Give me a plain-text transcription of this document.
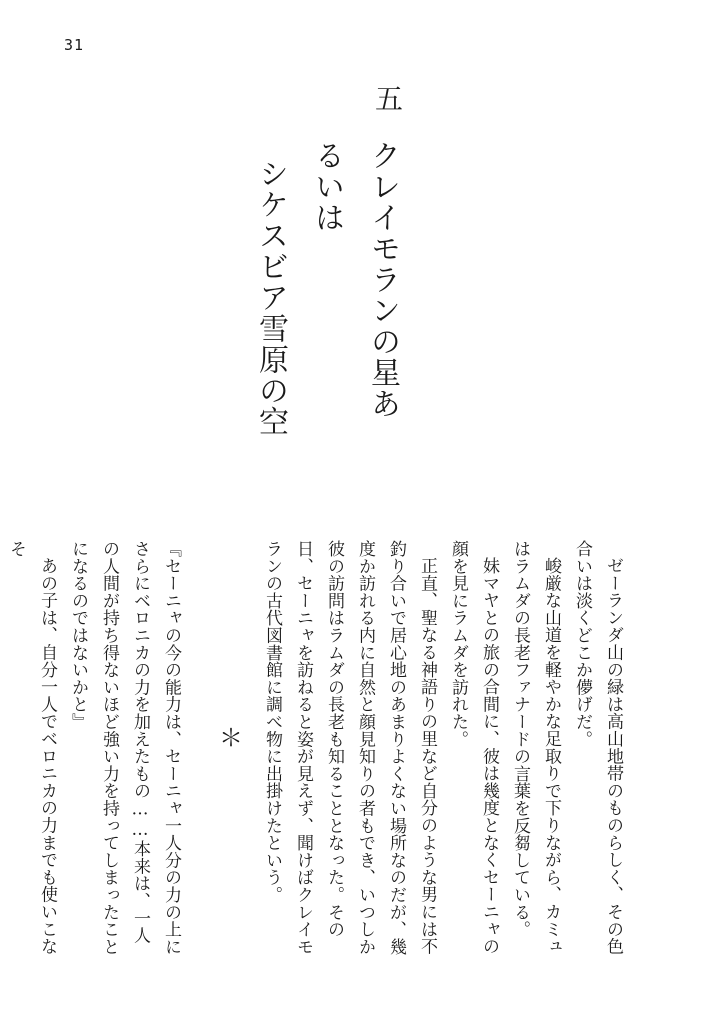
31
五
クレイモランの星あるいは
シケスビア雪原の空
ゼーランダ山の緑は高山地帯のものらしく、その色合いは淡くどこか儚げだ。
峻厳な山道を軽やかな足取りで下りながら、カミュはラムダの長老ファナードの言葉を反芻している。
妹マヤとの旅の合間に、彼は幾度となくセーニャの顔を見にラムダを訪れた。
正直、聖なる神語りの里など自分のような男には不釣り合いで居心地のあまりよくない場所なのだが、幾度か訪れる内に自然と顔見知りの者もでき、いつしか彼の訪問はラムダの長老も知ることとなった。その日、セーニャを訪ねると姿が見えず、聞けばクレイモランの古代図書館に調べ物に出掛けたという。
＊
『セーニャの今の能力は、セーニャ一人分の力の上にさらにベロニカの力を加えたもの……本来は、一人の人間が持ち得ないほど強い力を持ってしまったことになるのではないかと』
あの子は、自分一人でベロニカの力までも使いこなそ
